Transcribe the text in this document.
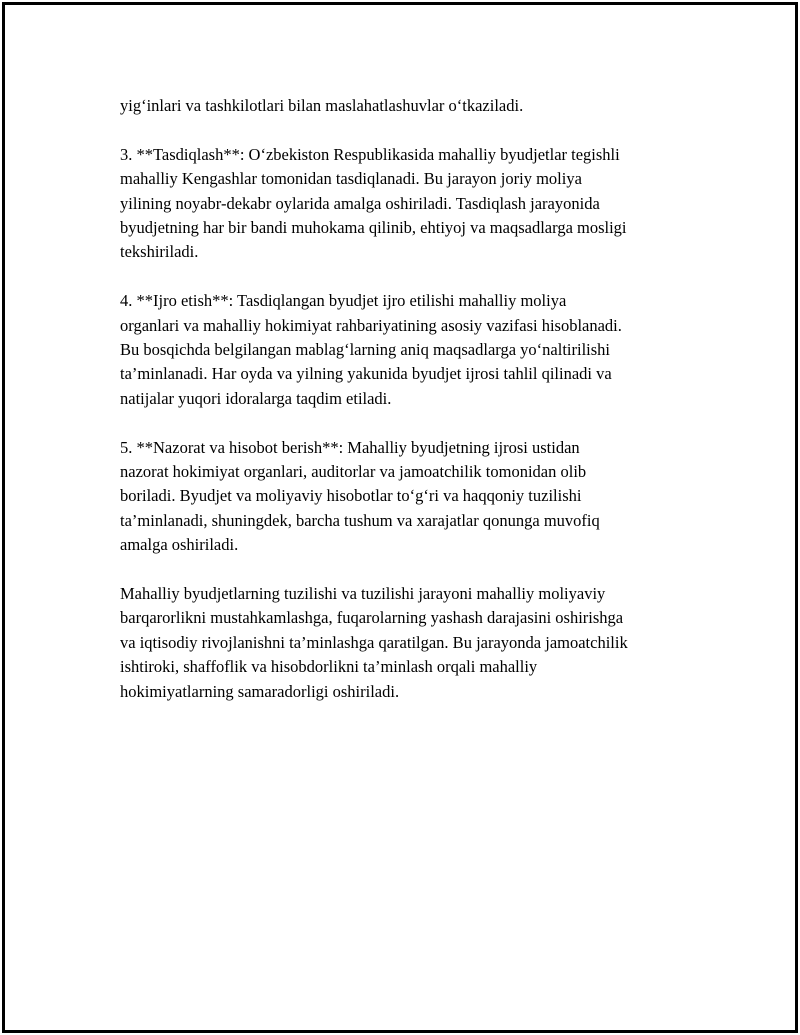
yig‘inlari va tashkilotlari bilan maslahatlashuvlar o‘tkaziladi.

3. **Tasdiqlash**: O‘zbekiston Respublikasida mahalliy byudjetlar tegishli
mahalliy Kengashlar tomonidan tasdiqlanadi. Bu jarayon joriy moliya
yilining noyabr-dekabr oylarida amalga oshiriladi. Tasdiqlash jarayonida
byudjetning har bir bandi muhokama qilinib, ehtiyoj va maqsadlarga mosligi
tekshiriladi.

4. **Ijro etish**: Tasdiqlangan byudjet ijro etilishi mahalliy moliya
organlari va mahalliy hokimiyat rahbariyatining asosiy vazifasi hisoblanadi.
Bu bosqichda belgilangan mablag‘larning aniq maqsadlarga yo‘naltirilishi
ta’minlanadi. Har oyda va yilning yakunida byudjet ijrosi tahlil qilinadi va
natijalar yuqori idoralarga taqdim etiladi.

5. **Nazorat va hisobot berish**: Mahalliy byudjetning ijrosi ustidan
nazorat hokimiyat organlari, auditorlar va jamoatchilik tomonidan olib
boriladi. Byudjet va moliyaviy hisobotlar to‘g‘ri va haqqoniy tuzilishi
ta’minlanadi, shuningdek, barcha tushum va xarajatlar qonunga muvofiq
amalga oshiriladi.

Mahalliy byudjetlarning tuzilishi va tuzilishi jarayoni mahalliy moliyaviy
barqarorlikni mustahkamlashga, fuqarolarning yashash darajasini oshirishga
va iqtisodiy rivojlanishni ta’minlashga qaratilgan. Bu jarayonda jamoatchilik
ishtiroki, shaffoflik va hisobdorlikni ta’minlash orqali mahalliy
hokimiyatlarning samaradorligi oshiriladi.
